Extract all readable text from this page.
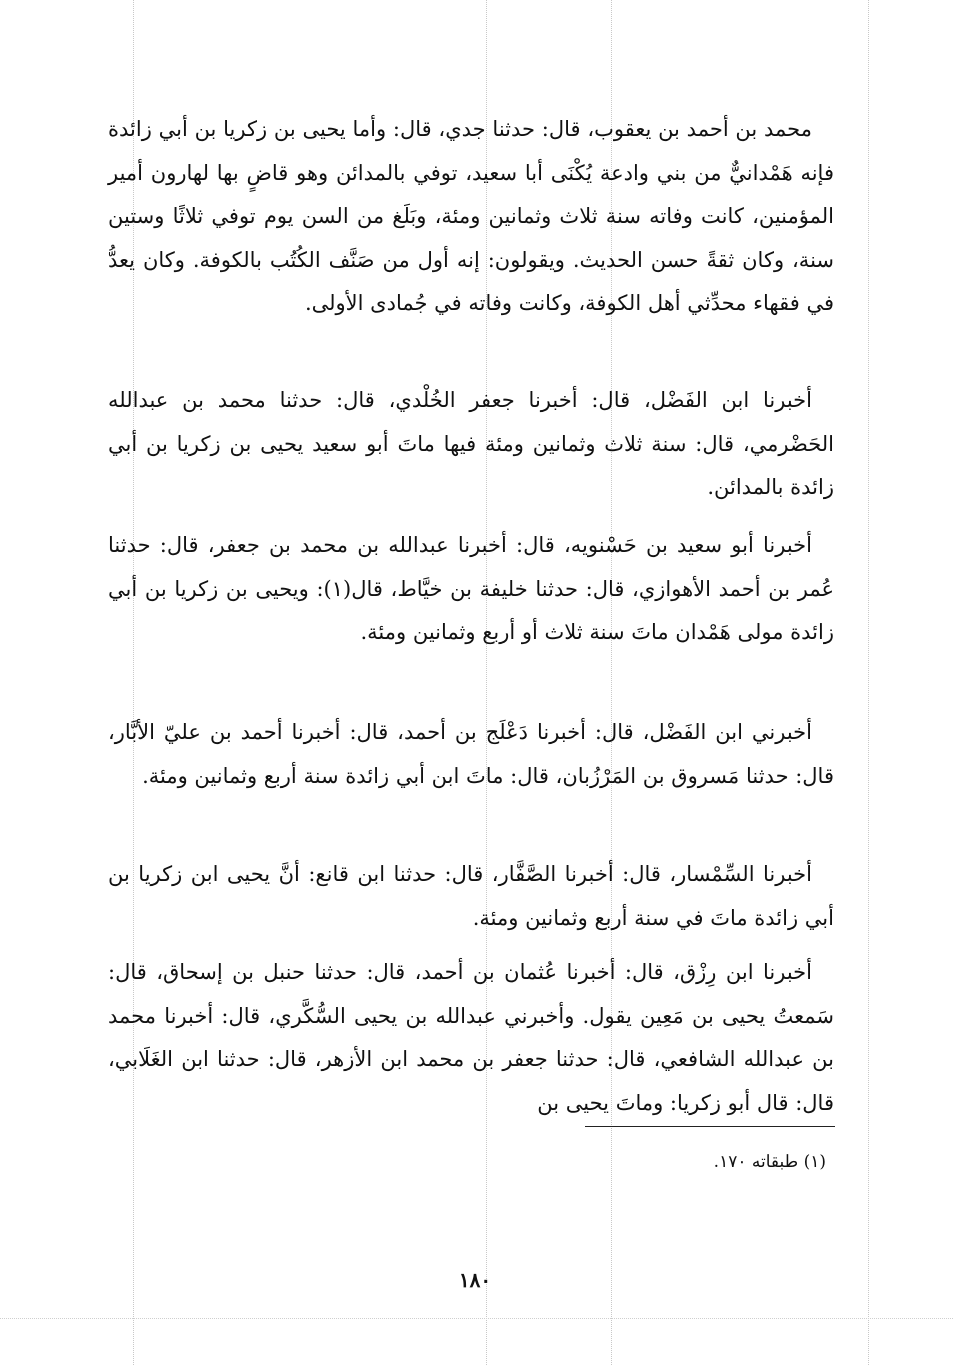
محمد بن أحمد بن يعقوب، قال: حدثنا جدي، قال: وأما يحيى بن زكريا بن أبي زائدة فإنه هَمْدانيٌّ من بني وادعة يُكْنَى أبا سعيد، توفي بالمدائن وهو قاضٍ بها لهارون أمير المؤمنين، كانت وفاته سنة ثلاث وثمانين ومئة، وبَلَغ من السن يوم توفي ثلاثًا وستين سنة، وكان ثقةً حسن الحديث. ويقولون: إنه أول من صَنَّف الكُتُب بالكوفة. وكان يعدُّ في فقهاء محدِّثي أهل الكوفة، وكانت وفاته في جُمادى الأولى.

أخبرنا ابن الفَضْل، قال: أخبرنا جعفر الخُلْدي، قال: حدثنا محمد بن عبدالله الحَضْرمي، قال: سنة ثلاث وثمانين ومئة فيها ماتَ أبو سعيد يحيى بن زكريا بن أبي زائدة بالمدائن.

أخبرنا أبو سعيد بن حَسْنويه، قال: أخبرنا عبدالله بن محمد بن جعفر، قال: حدثنا عُمر بن أحمد الأهوازي، قال: حدثنا خليفة بن خيَّاط، قال(١): ويحيى بن زكريا بن أبي زائدة مولى هَمْدان ماتَ سنة ثلاث أو أربع وثمانين ومئة.

أخبرني ابن الفَضْل، قال: أخبرنا دَعْلَج بن أحمد، قال: أخبرنا أحمد بن عليّ الأبَّار، قال: حدثنا مَسروق بن المَرْزُبان، قال: ماتَ ابن أبي زائدة سنة أربع وثمانين ومئة.

أخبرنا السِّمْسار، قال: أخبرنا الصَّفَّار، قال: حدثنا ابن قانع: أنَّ يحيى ابن زكريا بن أبي زائدة ماتَ في سنة أربع وثمانين ومئة.

أخبرنا ابن رِزْق، قال: أخبرنا عُثمان بن أحمد، قال: حدثنا حنبل بن إسحاق، قال: سَمعتُ يحيى بن مَعِين يقول. وأخبرني عبدالله بن يحيى السُّكَّري، قال: أخبرنا محمد بن عبدالله الشافعي، قال: حدثنا جعفر بن محمد ابن الأزهر، قال: حدثنا ابن الغَلَابي، قال: قال أبو زكريا: وماتَ يحيى بن

(١) طبقاته ١٧٠.
١٨٠
